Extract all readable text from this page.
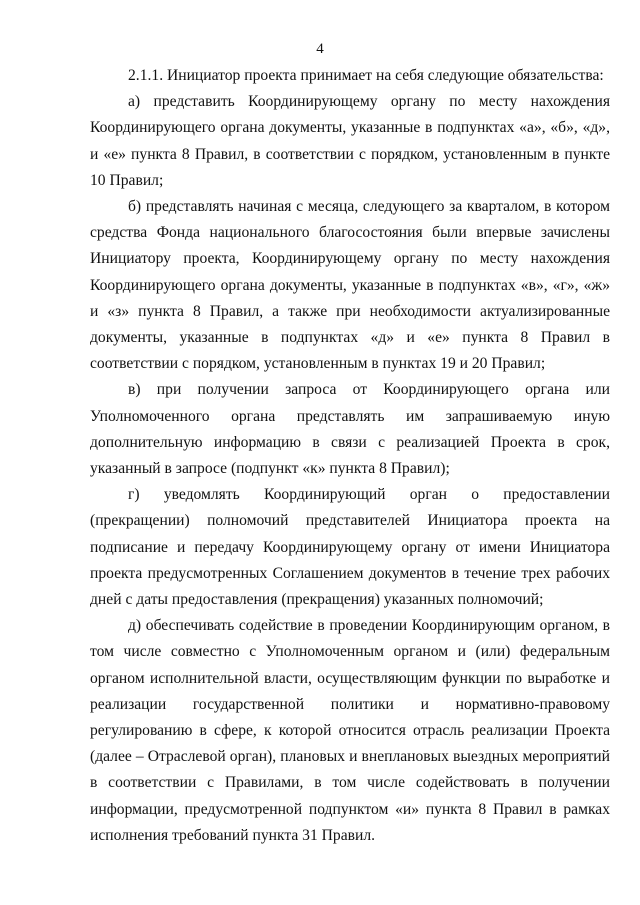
4

2.1.1. Инициатор проекта принимает на себя следующие обязательства:

а) представить Координирующему органу по месту нахождения Координирующего органа документы, указанные в подпунктах «а», «б», «д», и «е» пункта 8 Правил, в соответствии с порядком, установленным в пункте 10 Правил;

б) представлять начиная с месяца, следующего за кварталом, в котором средства Фонда национального благосостояния были впервые зачислены Инициатору проекта, Координирующему органу по месту нахождения Координирующего органа документы, указанные в подпунктах «в», «г», «ж» и «з» пункта 8 Правил, а также при необходимости актуализированные документы, указанные в подпунктах «д» и «е» пункта 8 Правил в соответствии с порядком, установленным в пунктах 19 и 20 Правил;

в) при получении запроса от Координирующего органа или Уполномоченного органа представлять им запрашиваемую иную дополнительную информацию в связи с реализацией Проекта в срок, указанный в запросе (подпункт «к» пункта 8 Правил);

г) уведомлять Координирующий орган о предоставлении (прекращении) полномочий представителей Инициатора проекта на подписание и передачу Координирующему органу от имени Инициатора проекта предусмотренных Соглашением документов в течение трех рабочих дней с даты предоставления (прекращения) указанных полномочий;

д) обеспечивать содействие в проведении Координирующим органом, в том числе совместно с Уполномоченным органом и (или) федеральным органом исполнительной власти, осуществляющим функции по выработке и реализации государственной политики и нормативно-правовому регулированию в сфере, к которой относится отрасль реализации Проекта (далее – Отраслевой орган), плановых и внеплановых выездных мероприятий в соответствии с Правилами, в том числе содействовать в получении информации, предусмотренной подпунктом «и» пункта 8 Правил в рамках исполнения требований пункта 31 Правил.
